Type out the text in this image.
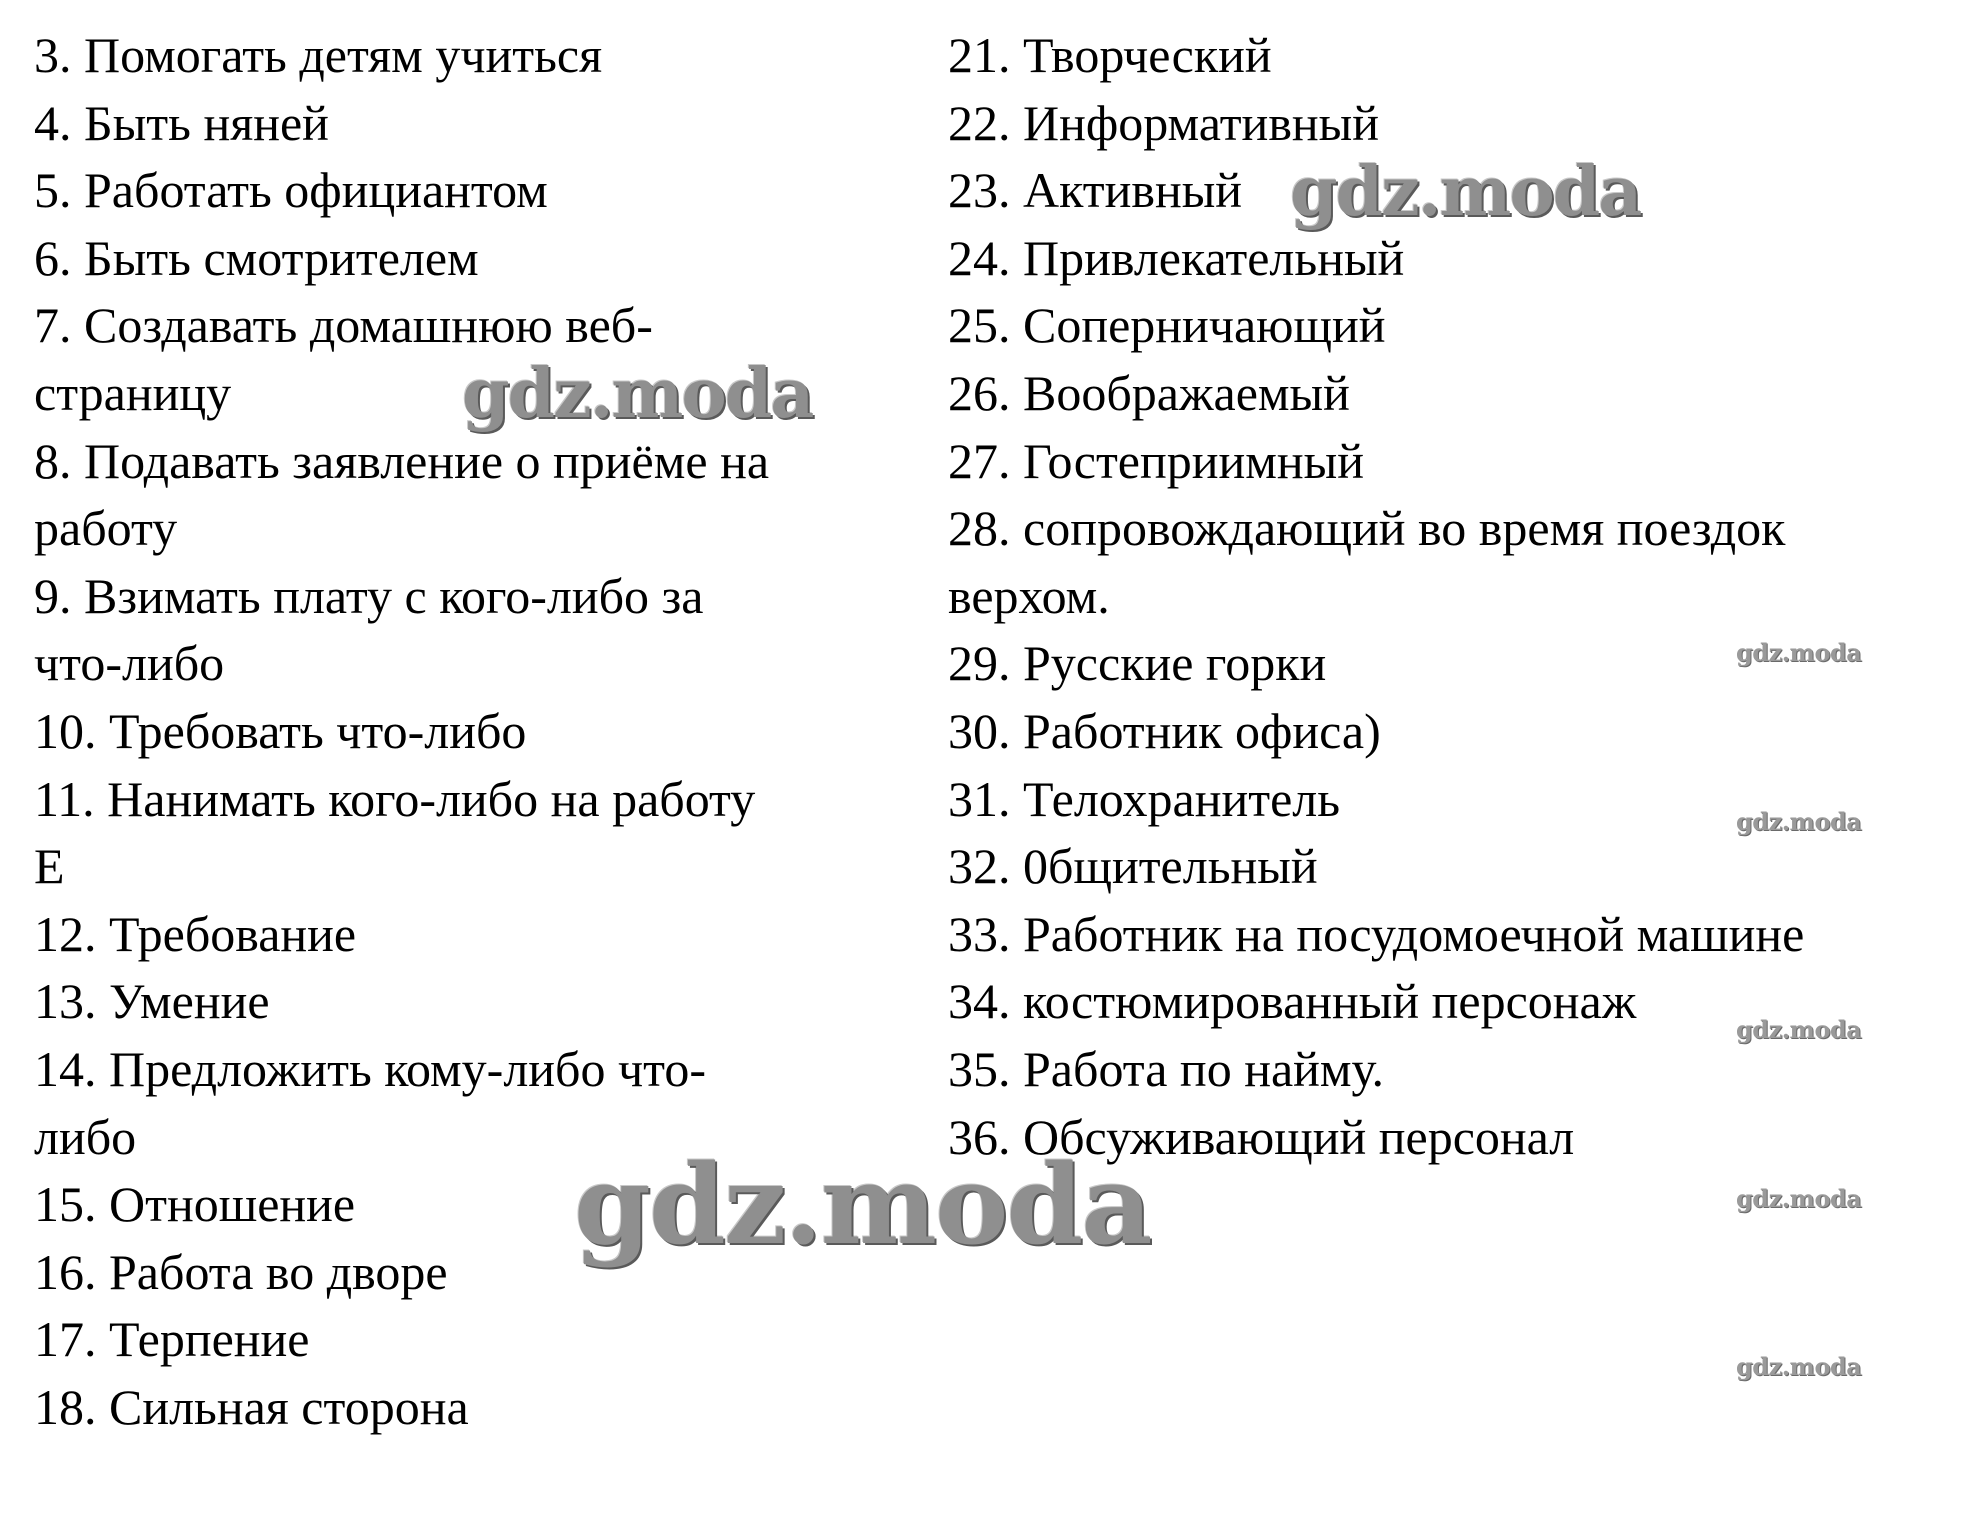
3. Помогать детям учиться
4. Быть няней
5. Работать официантом
6. Быть смотрителем
7. Создавать домашнюю веб-
страницу
8. Подавать заявление о приёме на
работу
9. Взимать плату с кого-либо за
что-либо
10. Требовать что-либо
11. Нанимать кого-либо на работу
Е
12. Требование
13. Умение
14. Предложить кому-либо что-
либо
15. Отношение
16. Работа во дворе
17. Терпение
18. Сильная сторона
21. Творческий
22. Информативный
23. Активный
24. Привлекательный
25. Соперничающий
26. Воображаемый
27. Гостеприимный
28. сопровождающий во время поездок
верхом.
29. Русские горки
30. Работник офиса)
31. Телохранитель
32. 0бщительный
33. Работник на посудомоечной машине
34. костюмированный персонаж
35. Работа по найму.
36. Обсуживающий персонал
gdz.moda
gdz.moda
gdz.moda
gdz.moda
gdz.moda
gdz.moda
gdz.moda
gdz.moda
